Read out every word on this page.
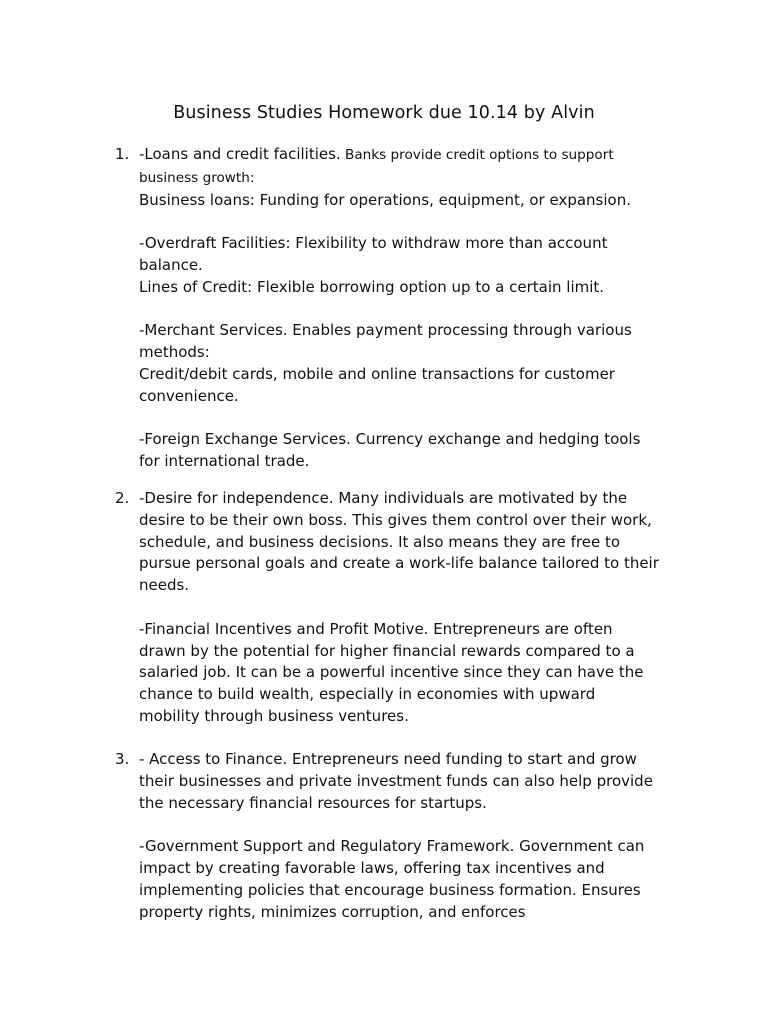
Business Studies Homework due 10.14 by Alvin
1. -Loans and credit facilities. Banks provide credit options to support business growth:
Business loans: Funding for operations, equipment, or expansion.

-Overdraft Facilities: Flexibility to withdraw more than account balance.
Lines of Credit: Flexible borrowing option up to a certain limit.

-Merchant Services. Enables payment processing through various methods:
Credit/debit cards, mobile and online transactions for customer convenience.

-Foreign Exchange Services. Currency exchange and hedging tools for international trade.

2. -Desire for independence. Many individuals are motivated by the desire to be their own boss. This gives them control over their work, schedule, and business decisions. It also means they are free to pursue personal goals and create a work-life balance tailored to their needs.

-Financial Incentives and Profit Motive. Entrepreneurs are often drawn by the potential for higher financial rewards compared to a salaried job. It can be a powerful incentive since they can have the chance to build wealth, especially in economies with upward mobility through business ventures.

3. - Access to Finance. Entrepreneurs need funding to start and grow their businesses and private investment funds can also help provide the necessary financial resources for startups.

-Government Support and Regulatory Framework. Government can impact by creating favorable laws, offering tax incentives and implementing policies that encourage business formation. Ensures property rights, minimizes corruption, and enforces
